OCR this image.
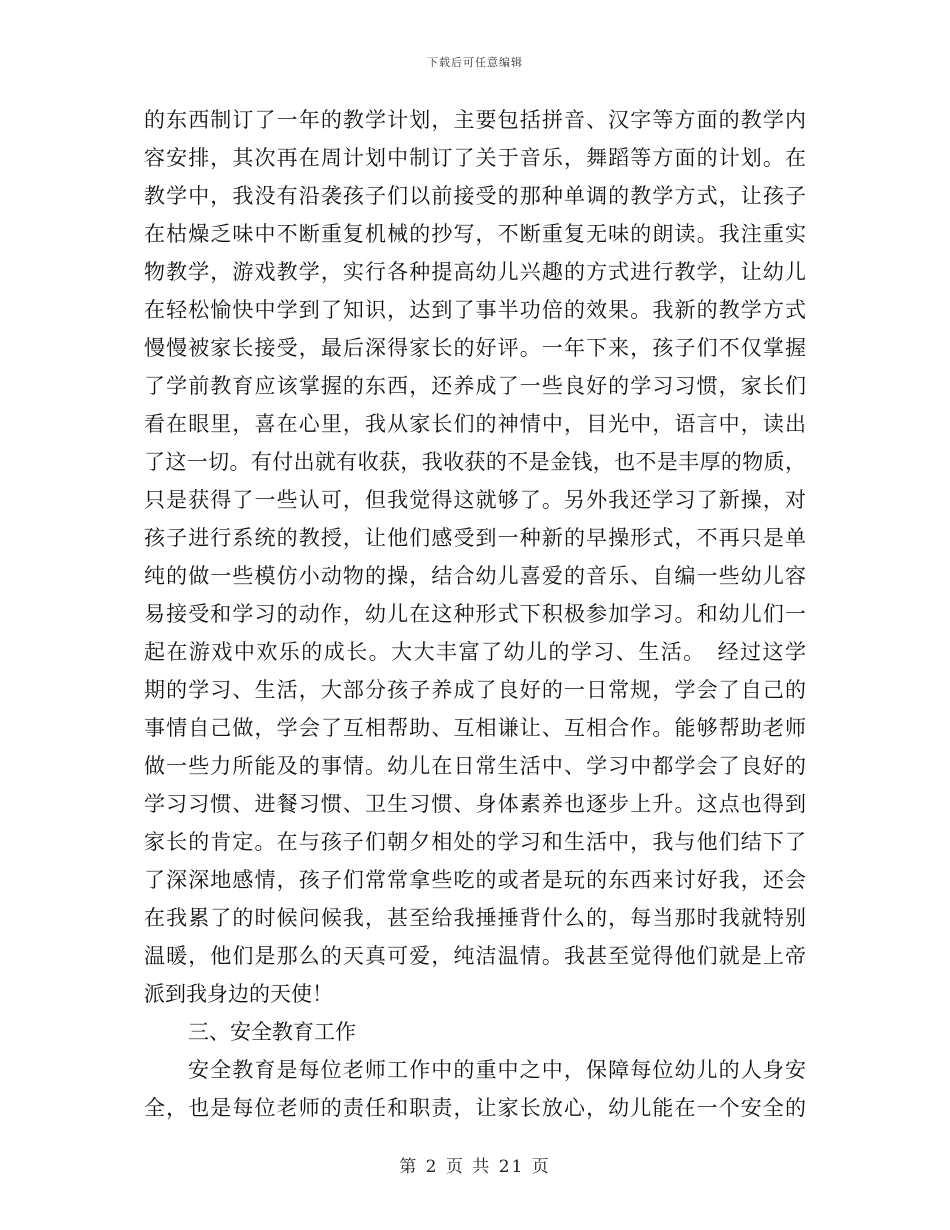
下载后可任意编辑
的东西制订了一年的教学计划，主要包括拼音、汉字等方面的教学内
容安排，其次再在周计划中制订了关于音乐，舞蹈等方面的计划。在
教学中，我没有沿袭孩子们以前接受的那种单调的教学方式，让孩子
在枯燥乏味中不断重复机械的抄写，不断重复无味的朗读。我注重实
物教学，游戏教学，实行各种提高幼儿兴趣的方式进行教学，让幼儿
在轻松愉快中学到了知识，达到了事半功倍的效果。我新的教学方式
慢慢被家长接受，最后深得家长的好评。一年下来，孩子们不仅掌握
了学前教育应该掌握的东西，还养成了一些良好的学习习惯，家长们
看在眼里，喜在心里，我从家长们的神情中，目光中，语言中，读出
了这一切。有付出就有收获，我收获的不是金钱，也不是丰厚的物质，
只是获得了一些认可，但我觉得这就够了。另外我还学习了新操，对
孩子进行系统的教授，让他们感受到一种新的早操形式，不再只是单
纯的做一些模仿小动物的操，结合幼儿喜爱的音乐、自编一些幼儿容
易接受和学习的动作，幼儿在这种形式下积极参加学习。和幼儿们一
起在游戏中欢乐的成长。大大丰富了幼儿的学习、生活。　经过这学
期的学习、生活，大部分孩子养成了良好的一日常规，学会了自己的
事情自己做，学会了互相帮助、互相谦让、互相合作。能够帮助老师
做一些力所能及的事情。幼儿在日常生活中、学习中都学会了良好的
学习习惯、进餐习惯、卫生习惯、身体素养也逐步上升。这点也得到
家长的肯定。在与孩子们朝夕相处的学习和生活中，我与他们结下了
了深深地感情，孩子们常常拿些吃的或者是玩的东西来讨好我，还会
在我累了的时候问候我，甚至给我捶捶背什么的，每当那时我就特别
温暖，他们是那么的天真可爱，纯洁温情。我甚至觉得他们就是上帝
派到我身边的天使！
三、安全教育工作
安全教育是每位老师工作中的重中之中，保障每位幼儿的人身安
全，也是每位老师的责任和职责，让家长放心，幼儿能在一个安全的
第 2 页 共 21 页
